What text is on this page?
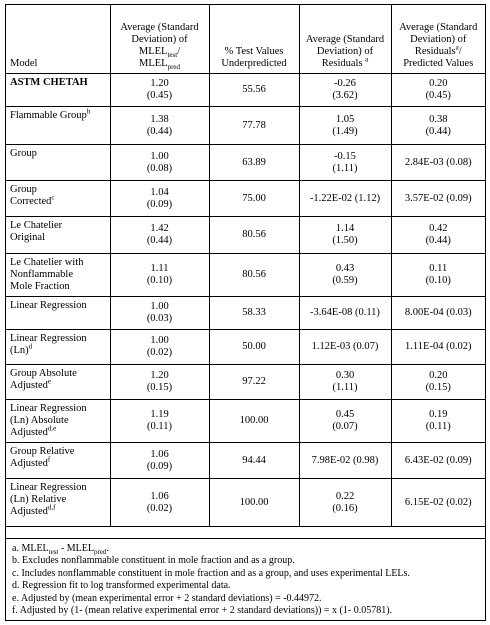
Model	Average (Standard Deviation) of
$MLEL_{test}/$
$MLEL_{pred}$	% Test Values Underpredicted	Average (Standard Deviation) of Residuals $^a$	Average (Standard Deviation) of Residuals$^a$/ Predicted Values

ASTM CHETAH	1.20
(0.45)	55.56	-0.26
(3.62)	0.20
(0.45)

Flammable Group$^b$	1.38
(0.44)	77.78	1.05
(1.49)	0.38
(0.44)

Group	1.00
(0.08)	63.89	-0.15
(1.11)	2.84E-03 (0.08)

Group
Corrected$^c$	1.04
(0.09)	75.00	-1.22E-02 (1.12)	3.57E-02 (0.09)

Le Chatelier
Original	1.42
(0.44)	80.56	1.14
(1.50)	0.42
(0.44)

Le Chatelier with
Nonflammable
Mole Fraction	1.11
(0.10)	80.56	0.43
(0.59)	0.11
(0.10)

Linear Regression	1.00
(0.03)	58.33	-3.64E-08 (0.11)	8.00E-04 (0.03)

Linear Regression
$(Ln)^d$	1.00
(0.02)	50.00	1.12E-03 (0.07)	1.11E-04 (0.02)

Group Absolute
Adjusted$^e$	1.20
(0.15)	97.22	0.30
(1.11)	0.20
(0.15)

Linear Regression
(Ln) Absolute
Adjusted$^{d,e}$	1.19
(0.11)	100.00	0.45
(0.07)	0.19
(0.11)

Group Relative
Adjusted$^f$	1.06
(0.09)	94.44	7.98E-02 (0.98)	6.43E-02 (0.09)

Linear Regression
(Ln) Relative
Adjusted$^{d,f}$	1.06
(0.02)	100.00	0.22
(0.16)	6.15E-02 (0.02)
a. $MLEL_{test}$ - $MLEL_{pred}$.
b. Excludes nonflammable constituent in mole fraction and as a group.
c. Includes nonflammable constituent in mole fraction and as a group, and uses experimental LELs.
d. Regression fit to log transformed experimental data.
e. Adjusted by (mean experimental error + 2 standard deviations) = -0.44972.
f. Adjusted by (1- (mean relative experimental error + 2 standard deviations)) = x (1- 0.05781).
